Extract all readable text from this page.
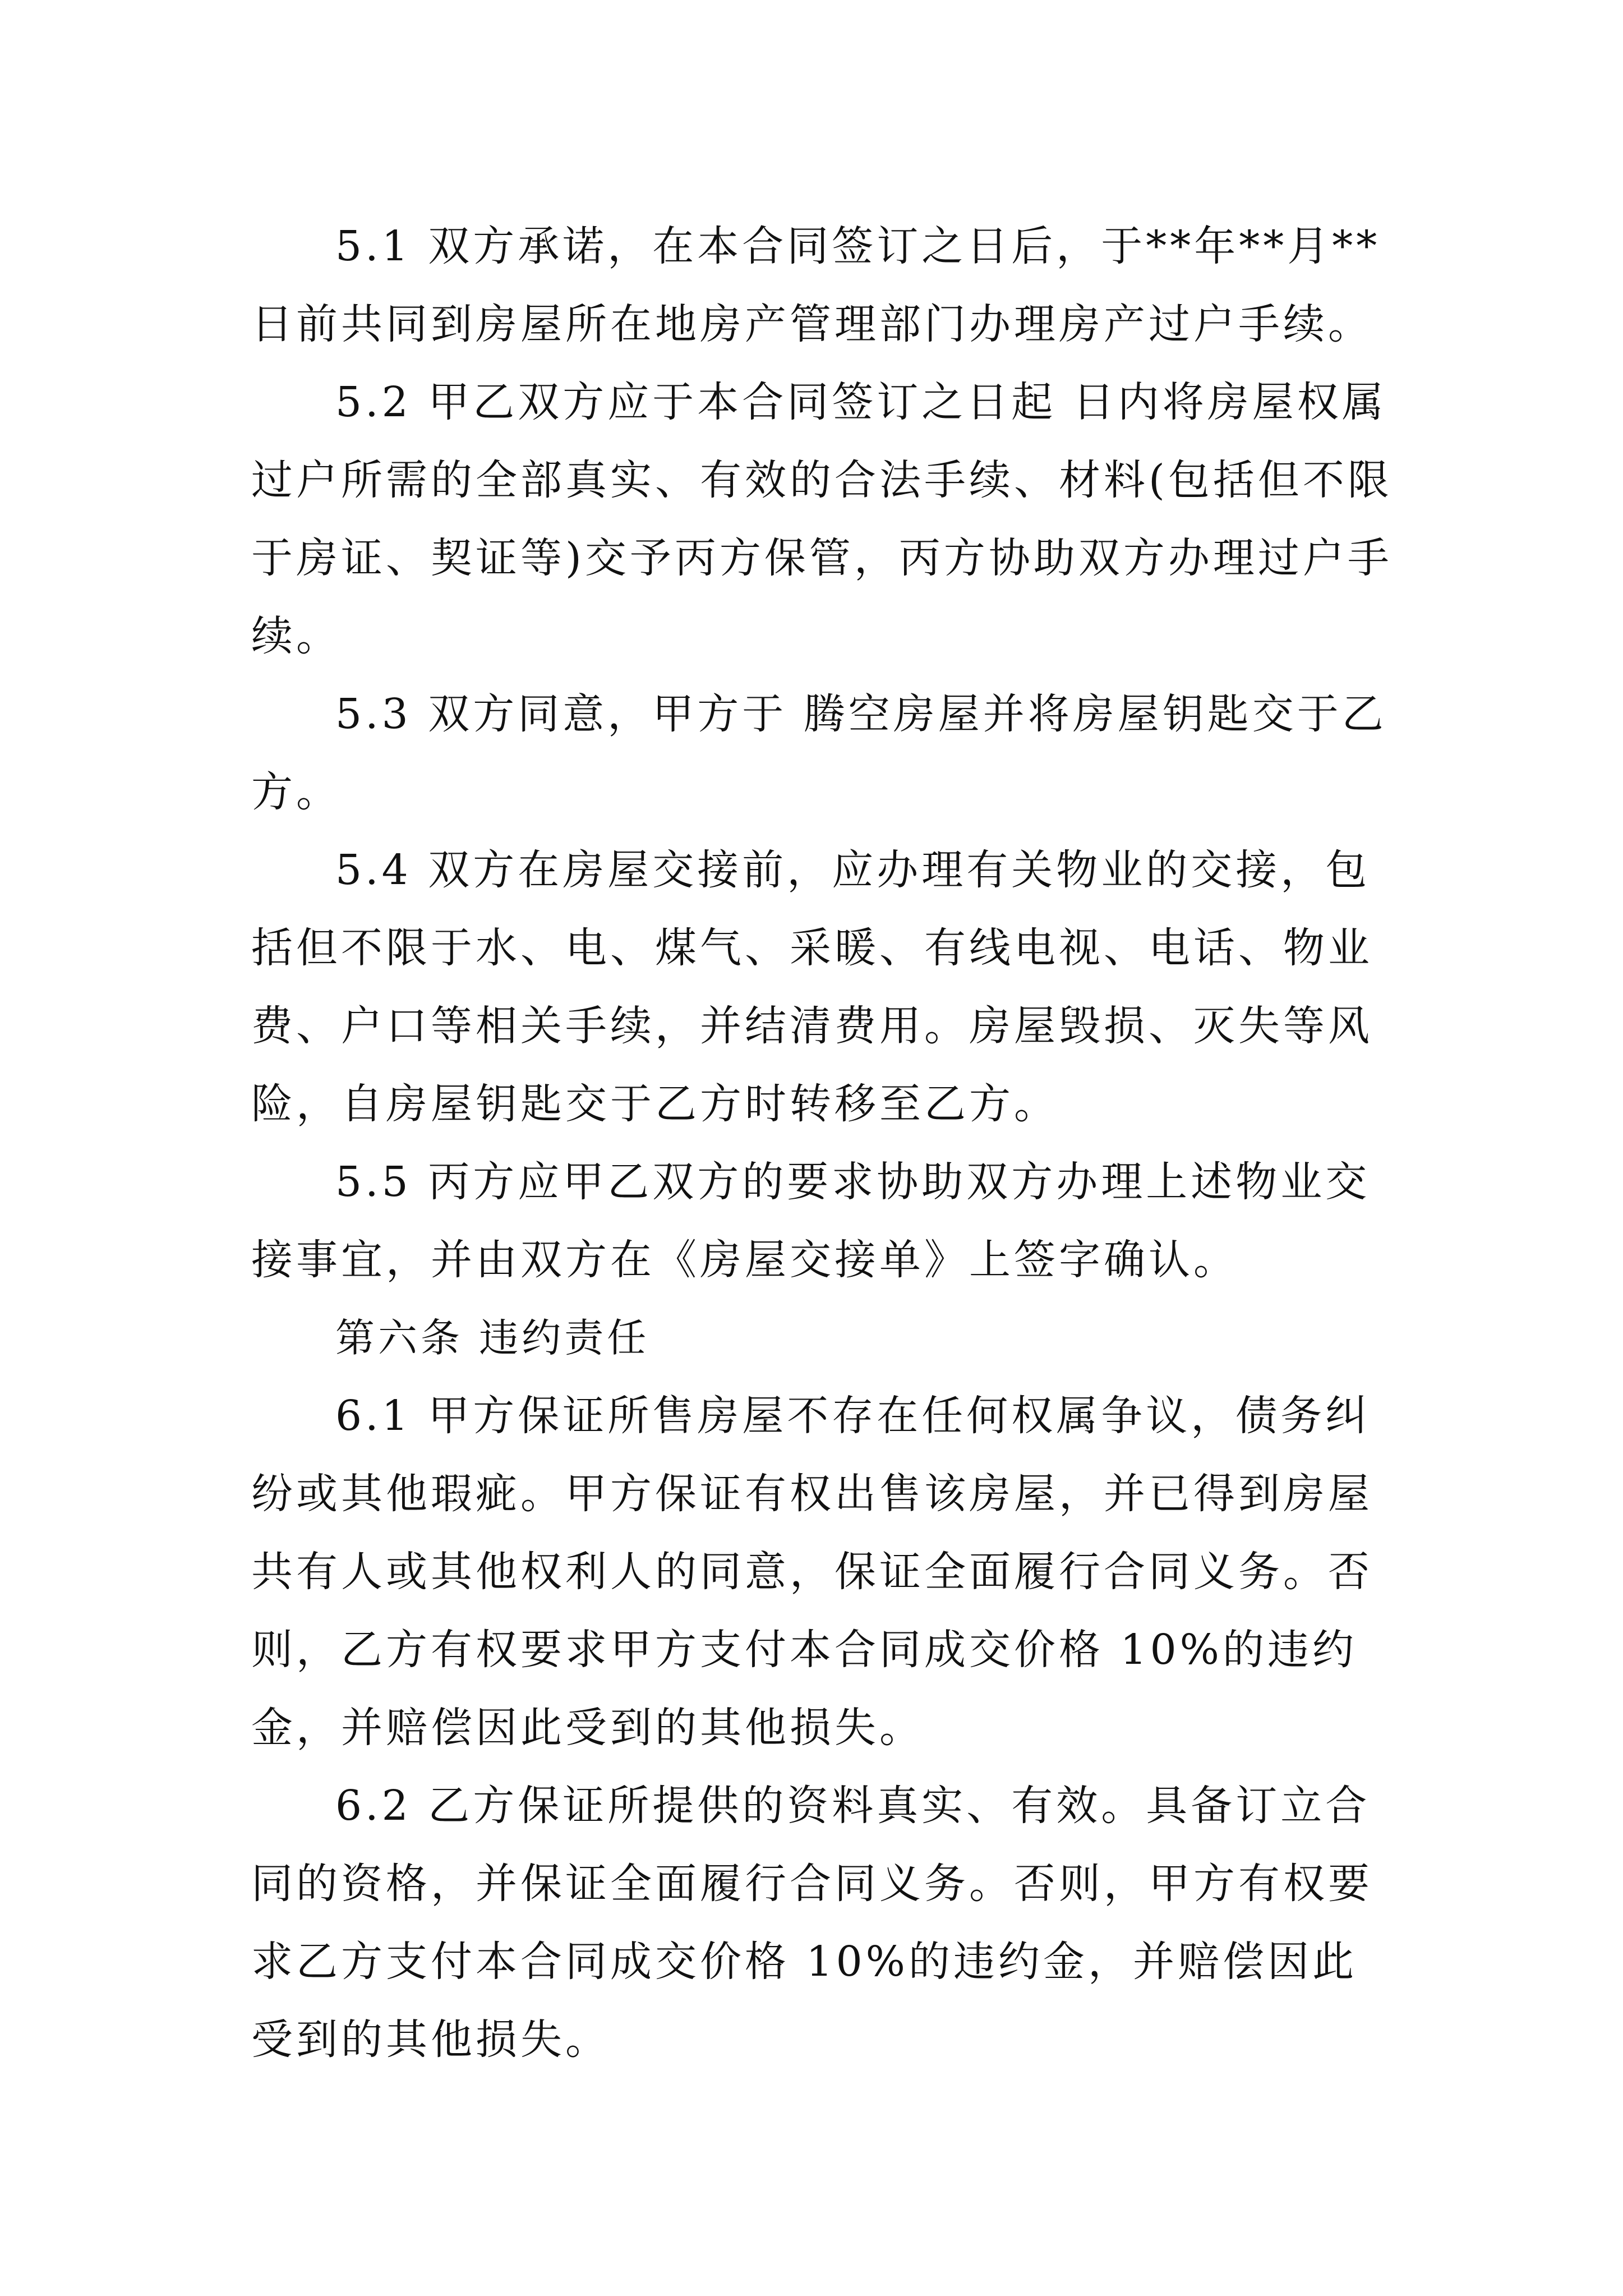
5.1 双方承诺，在本合同签订之日后，于**年**月**日前共同到房屋所在地房产管理部门办理房产过户手续。

5.2 甲乙双方应于本合同签订之日起 日内将房屋权属过户所需的全部真实、有效的合法手续、材料(包括但不限于房证、契证等)交予丙方保管，丙方协助双方办理过户手续。

5.3 双方同意，甲方于 腾空房屋并将房屋钥匙交于乙方。

5.4 双方在房屋交接前，应办理有关物业的交接，包括但不限于水、电、煤气、采暖、有线电视、电话、物业费、户口等相关手续，并结清费用。房屋毁损、灭失等风险，自房屋钥匙交于乙方时转移至乙方。

5.5 丙方应甲乙双方的要求协助双方办理上述物业交接事宜，并由双方在《房屋交接单》上签字确认。

第六条 违约责任

6.1 甲方保证所售房屋不存在任何权属争议，债务纠纷或其他瑕疵。甲方保证有权出售该房屋，并已得到房屋共有人或其他权利人的同意，保证全面履行合同义务。否则，乙方有权要求甲方支付本合同成交价格 10%的违约金，并赔偿因此受到的其他损失。

6.2 乙方保证所提供的资料真实、有效。具备订立合同的资格，并保证全面履行合同义务。否则，甲方有权要求乙方支付本合同成交价格 10%的违约金，并赔偿因此受到的其他损失。
